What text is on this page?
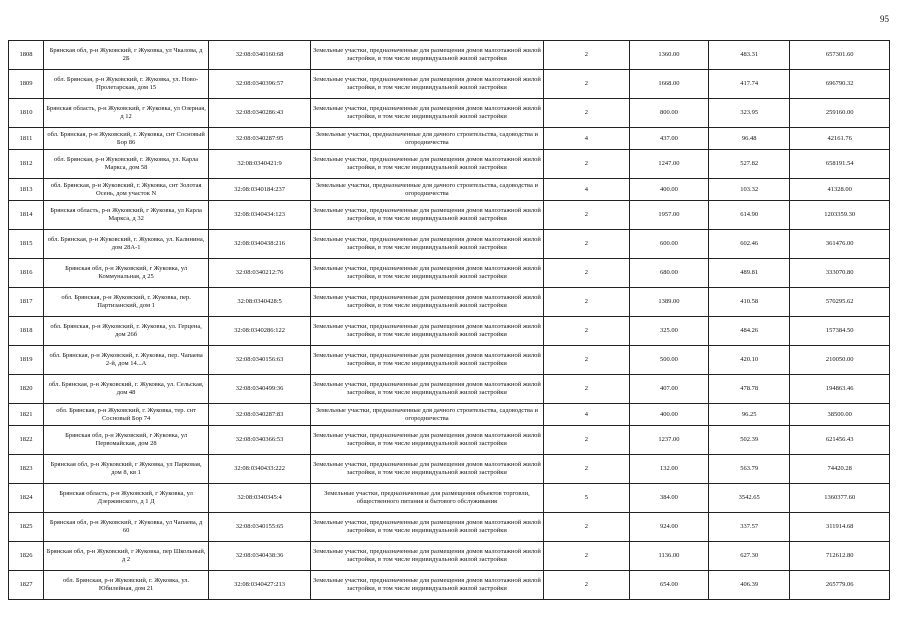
95
1808	Брянская обл, р-н Жуковский, г Жуковка, ул Чкалова, д 2Б	32:08:0340160:68	Земельные участки, предназначенные для размещения домов малоэтажной жилой застройки, в том числе индивидуальной жилой застройки	2	1360.00	483.31	657301.60
1809	обл. Брянская, р-н Жуковский, г. Жуковка, ул. Ново-Пролетарская, дом 15	32:08:0340396:57	Земельные участки, предназначенные для размещения домов малоэтажной жилой застройки, в том числе индивидуальной жилой застройки	2	1668.00	417.74	696790.32
1810	Брянская область, р-н Жуковский, г Жуковка, ул Озерная, д 12	32:08:0340286:43	Земельные участки, предназначенные для размещения домов малоэтажной жилой застройки, в том числе индивидуальной жилой застройки	2	800.00	323.95	259160.00
1811	обл. Брянская, р-н Жуковский, г. Жуковка, снт Сосновый Бор 86	32:08:0340287:95	Земельные участки, предназначенные для дачного строительства, садоводства и огородничества	4	437.00	96.48	42161.76
1812	обл. Брянская, р-н Жуковский, г. Жуковка, ул. Карла Маркса, дом 58	32:08:0340421:9	Земельные участки, предназначенные для размещения домов малоэтажной жилой застройки, в том числе индивидуальной жилой застройки	2	1247.00	527.82	658191.54
1813	обл. Брянская, р-н Жуковский, г. Жуковка, снт Золотая Осень, дом участок N	32:08:0340184:237	Земельные участки, предназначенные для дачного строительства, садоводства и огородничества	4	400.00	103.32	41328.00
1814	Брянская область, р-н Жуковский, г Жуковка, ул Карла Маркса, д 32	32:08:0340434:123	Земельные участки, предназначенные для размещения домов малоэтажной жилой застройки, в том числе индивидуальной жилой застройки	2	1957.00	614.90	1203359.30
1815	обл. Брянская, р-н Жуковский, г. Жуковка, ул. Калинина, дом 28А-1	32:08:0340438:216	Земельные участки, предназначенные для размещения домов малоэтажной жилой застройки, в том числе индивидуальной жилой застройки	2	600.00	602.46	361476.00
1816	Брянская обл, р-н Жуковский, г Жуковка, ул Коммунальная, д 25	32:08:0340212:76	Земельные участки, предназначенные для размещения домов малоэтажной жилой застройки, в том числе индивидуальной жилой застройки	2	680.00	489.81	333070.80
1817	обл. Брянская, р-н Жуковский, г. Жуковка, пер. Партизанский, дом 1	32:08:0340428:5	Земельные участки, предназначенные для размещения домов малоэтажной жилой застройки, в том числе индивидуальной жилой застройки	2	1389.00	410.58	570295.62
1818	обл. Брянская, р-н Жуковский, г. Жуковка, ул. Герцена, дом 26б	32:08:0340286:122	Земельные участки, предназначенные для размещения домов малоэтажной жилой застройки, в том числе индивидуальной жилой застройки	2	325.00	484.26	157384.50
1819	обл. Брянская, р-н Жуковский, г. Жуковка, пер. Чапаева 2-й, дом 14...А	32:08:0340156:63	Земельные участки, предназначенные для размещения домов малоэтажной жилой застройки, в том числе индивидуальной жилой застройки	2	500.00	420.10	210050.00
1820	обл. Брянская, р-н Жуковский, г. Жуковка, ул. Сельская, дом 48	32:08:0340499:36	Земельные участки, предназначенные для размещения домов малоэтажной жилой застройки, в том числе индивидуальной жилой застройки	2	407.00	478.78	194863.46
1821	обл. Брянская, р-н Жуковский, г. Жуковка, тер. снт Сосновый Бор 74	32:08:0340287:83	Земельные участки, предназначенные для дачного строительства, садоводства и огородничества	4	400.00	96.25	38500.00
1822	Брянская обл, р-н Жуковский, г Жуковка, ул Первомайская, дом 28	32:08:0340366:53	Земельные участки, предназначенные для размещения домов малоэтажной жилой застройки, в том числе индивидуальной жилой застройки	2	1237.00	502.39	621456.43
1823	Брянская обл, р-н Жуковский, г Жуковка, ул Парковая, дом 8, кв 1	32:08:0340433:222	Земельные участки, предназначенные для размещения домов малоэтажной жилой застройки, в том числе индивидуальной жилой застройки	2	132.00	563.79	74420.28
1824	Брянская область, р-н Жуковский, г Жуковка, ул Дзержинского, д 1 Д	32:08:0340345:4	Земельные участки, предназначенные для размещения объектов торговли, общественного питания и бытового обслуживания	5	384.00	3542.65	1360377.60
1825	Брянская обл, р-н Жуковский, г Жуковка, ул Чапаева, д 60	32:08:0340155:65	Земельные участки, предназначенные для размещения домов малоэтажной жилой застройки, в том числе индивидуальной жилой застройки	2	924.00	337.57	311914.68
1826	Брянская обл, р-н Жуковский, г Жуковка, пер Школьный, д 2	32:08:0340438:36	Земельные участки, предназначенные для размещения домов малоэтажной жилой застройки, в том числе индивидуальной жилой застройки	2	1136.00	627.30	712612.80
1827	обл. Брянская, р-н Жуковский, г. Жуковка, ул. Юбилейная, дом 21	32:08:0340427:213	Земельные участки, предназначенные для размещения домов малоэтажной жилой застройки, в том числе индивидуальной жилой застройки	2	654.00	406.39	265779.06
